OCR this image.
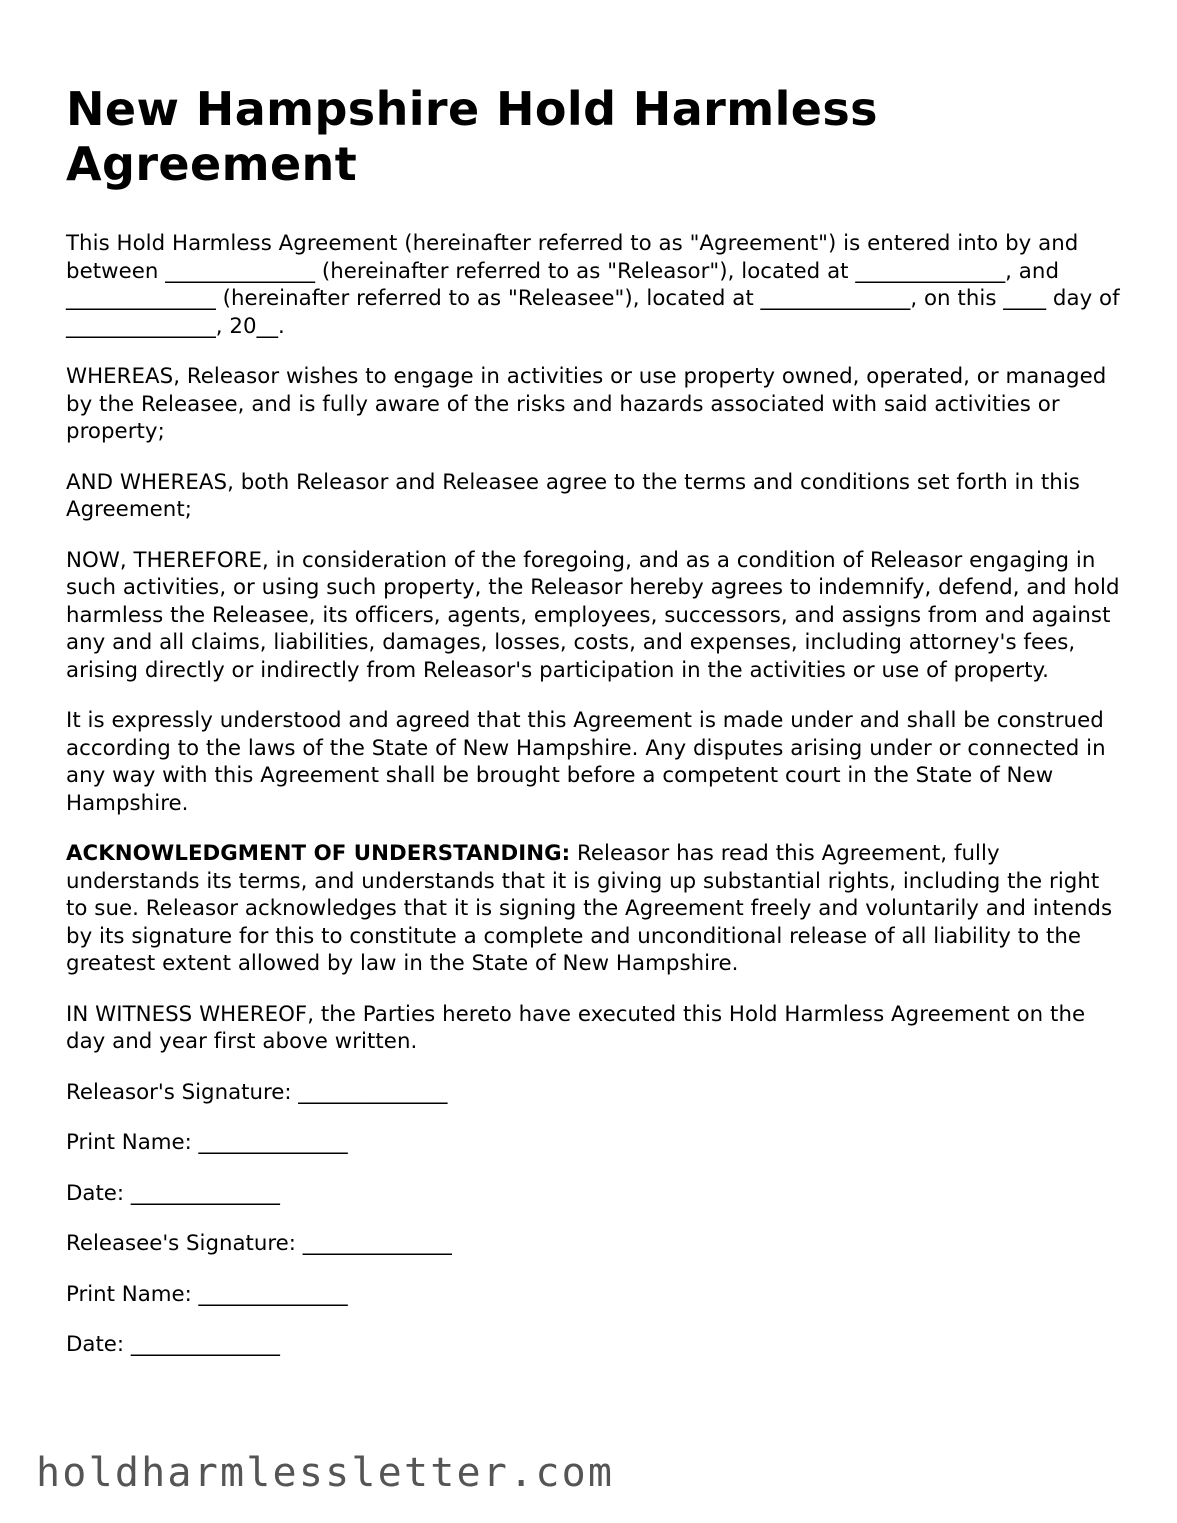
New Hampshire Hold Harmless Agreement

This Hold Harmless Agreement (hereinafter referred to as "Agreement") is entered into by and between ______________ (hereinafter referred to as "Releasor"), located at ______________, and ______________ (hereinafter referred to as "Releasee"), located at ______________, on this ____ day of ______________, 20__.

WHEREAS, Releasor wishes to engage in activities or use property owned, operated, or managed by the Releasee, and is fully aware of the risks and hazards associated with said activities or property;

AND WHEREAS, both Releasor and Releasee agree to the terms and conditions set forth in this Agreement;

NOW, THEREFORE, in consideration of the foregoing, and as a condition of Releasor engaging in such activities, or using such property, the Releasor hereby agrees to indemnify, defend, and hold harmless the Releasee, its officers, agents, employees, successors, and assigns from and against any and all claims, liabilities, damages, losses, costs, and expenses, including attorney's fees, arising directly or indirectly from Releasor's participation in the activities or use of property.

It is expressly understood and agreed that this Agreement is made under and shall be construed according to the laws of the State of New Hampshire. Any disputes arising under or connected in any way with this Agreement shall be brought before a competent court in the State of New Hampshire.

ACKNOWLEDGMENT OF UNDERSTANDING: Releasor has read this Agreement, fully understands its terms, and understands that it is giving up substantial rights, including the right to sue. Releasor acknowledges that it is signing the Agreement freely and voluntarily and intends by its signature for this to constitute a complete and unconditional release of all liability to the greatest extent allowed by law in the State of New Hampshire.

IN WITNESS WHEREOF, the Parties hereto have executed this Hold Harmless Agreement on the day and year first above written.

Releasor's Signature: ______________
Print Name: ______________
Date: ______________
Releasee's Signature: ______________
Print Name: ______________
Date: ______________
holdharmlessletter.com
